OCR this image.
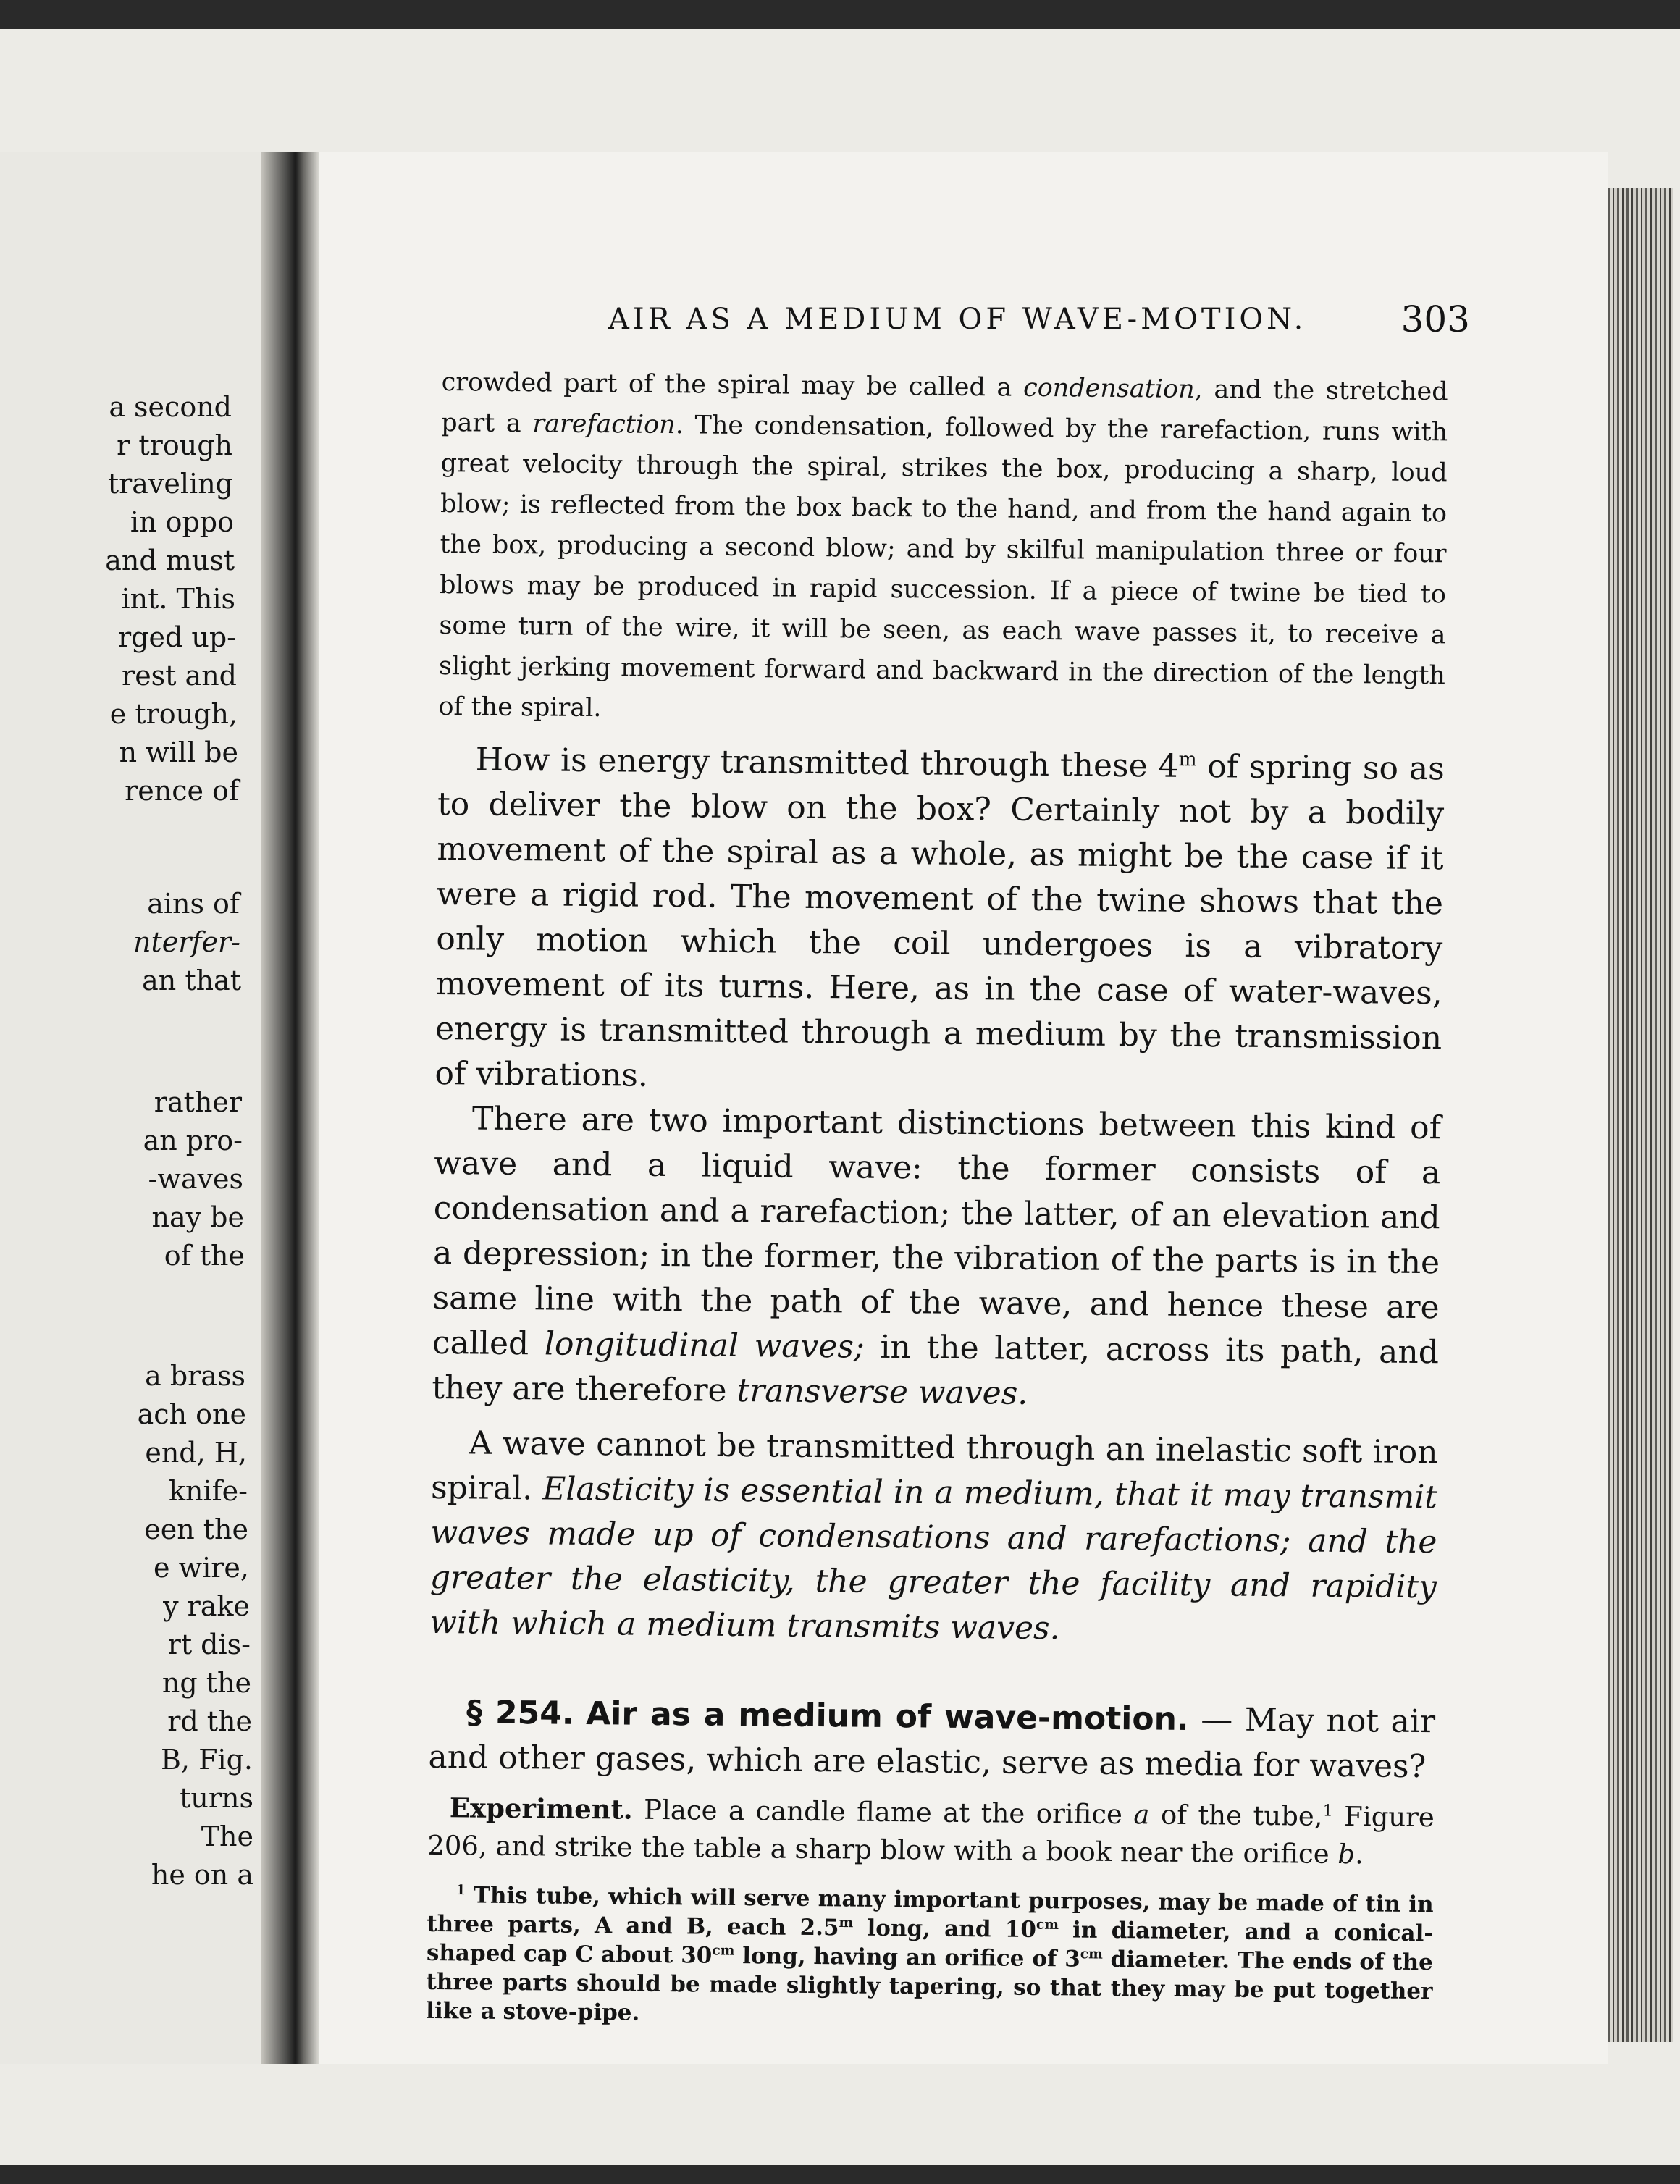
a second
r trough
traveling
in oppo
and must
int. This
rged up-
rest and
e trough,
n will be
rence of
ains of
nterfer-
an that
rather
an pro-
-waves
nay be
of the
a brass
ach one
end, H,
knife-
een the
e wire,
y rake
rt dis-
ng the
rd the
B, Fig.
turns
The
he on a
AIR AS A MEDIUM OF WAVE-MOTION.	303

crowded part of the spiral may be called a condensation, and the stretched part a rarefaction. The condensation, followed by the rarefaction, runs with great velocity through the spiral, strikes the box, producing a sharp, loud blow; is reflected from the box back to the hand, and from the hand again to the box, producing a second blow; and by skilful manipulation three or four blows may be produced in rapid succession. If a piece of twine be tied to some turn of the wire, it will be seen, as each wave passes it, to receive a slight jerking movement forward and backward in the direction of the length of the spiral.

How is energy transmitted through these 4$^m$ of spring so as to deliver the blow on the box? Certainly not by a bodily movement of the spiral as a whole, as might be the case if it were a rigid rod. The movement of the twine shows that the only motion which the coil undergoes is a vibratory movement of its turns. Here, as in the case of water-waves, energy is transmitted through a medium by the transmission of vibrations.

There are two important distinctions between this kind of wave and a liquid wave: the former consists of a condensation and a rarefaction; the latter, of an elevation and a depression; in the former, the vibration of the parts is in the same line with the path of the wave, and hence these are called longitudinal waves; in the latter, across its path, and they are therefore transverse waves.

A wave cannot be transmitted through an inelastic soft iron spiral. Elasticity is essential in a medium, that it may transmit waves made up of condensations and rarefactions; and the greater the elasticity, the greater the facility and rapidity with which a medium transmits waves.

§ 254. Air as a medium of wave-motion. — May not air and other gases, which are elastic, serve as media for waves?

Experiment. Place a candle flame at the orifice a of the tube,$^1$ Figure 206, and strike the table a sharp blow with a book near the orifice b.

$^1$ This tube, which will serve many important purposes, may be made of tin in three parts, A and B, each 2.5$^m$ long, and $10^{cm}$ in diameter, and a conical-shaped cap C about $30^{cm}$ long, having an orifice of $3^{cm}$ diameter. The ends of the three parts should be made slightly tapering, so that they may be put together like a stove-pipe.
